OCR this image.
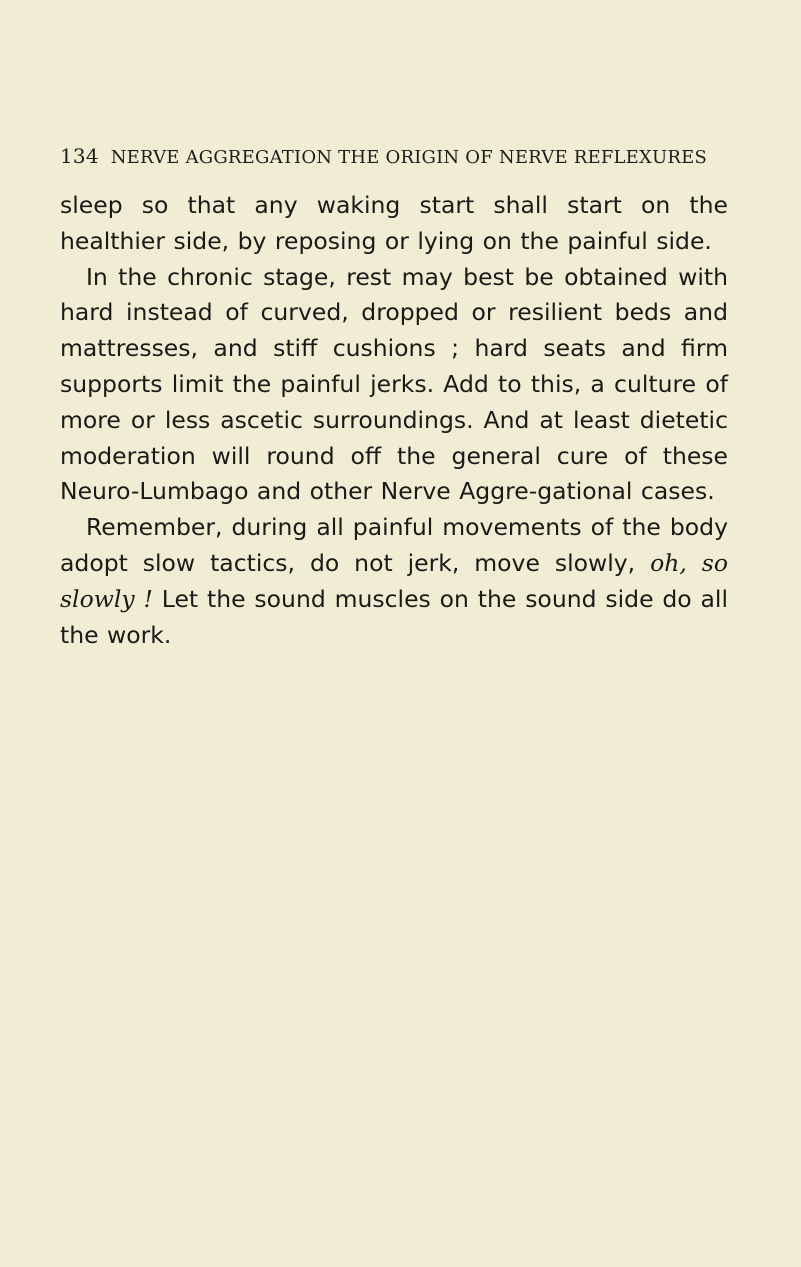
134 NERVE AGGREGATION THE ORIGIN OF NERVE REFLEXURES

sleep so that any waking start shall start on the healthier side, by reposing or lying on the painful side.

In the chronic stage, rest may best be obtained with hard instead of curved, dropped or resilient beds and mattresses, and stiff cushions ; hard seats and firm supports limit the painful jerks. Add to this, a culture of more or less ascetic surroundings. And at least dietetic moderation will round off the general cure of these Neuro-Lumbago and other Nerve Aggre-gational cases.

Remember, during all painful movements of the body adopt slow tactics, do not jerk, move slowly, oh, so slowly ! Let the sound muscles on the sound side do all the work.
